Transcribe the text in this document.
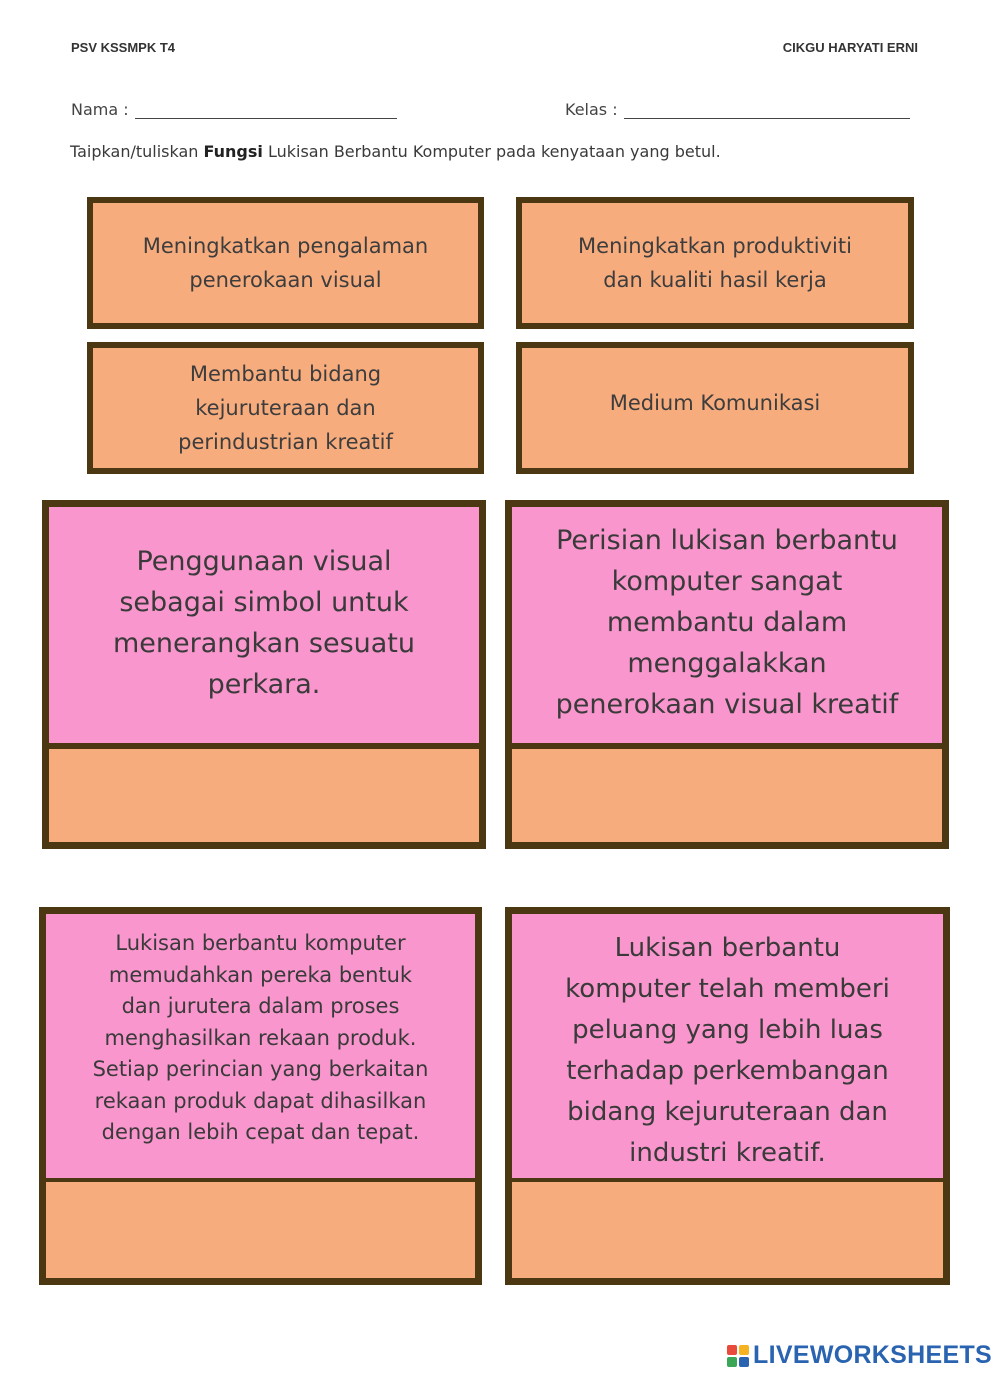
PSV KSSMPK T4	CIKGU HARYATI ERNI
Nama :	Kelas :
Taipkan/tuliskan Fungsi Lukisan Berbantu Komputer pada kenyataan yang betul.
Meningkatkan pengalaman
penerokaan visual
Meningkatkan produktiviti
dan kualiti hasil kerja
Membantu bidang
kejuruteraan dan
perindustrian kreatif
Medium Komunikasi
Penggunaan visual
sebagai simbol untuk
menerangkan sesuatu
perkara.
Perisian lukisan berbantu
komputer sangat
membantu dalam
menggalakkan
penerokaan visual kreatif
Lukisan berbantu komputer
memudahkan pereka bentuk
dan jurutera dalam proses
menghasilkan rekaan produk.
Setiap perincian yang berkaitan
rekaan produk dapat dihasilkan
dengan lebih cepat dan tepat.
Lukisan berbantu
komputer telah memberi
peluang yang lebih luas
terhadap perkembangan
bidang kejuruteraan dan
industri kreatif.
LIVEWORKSHEETS
